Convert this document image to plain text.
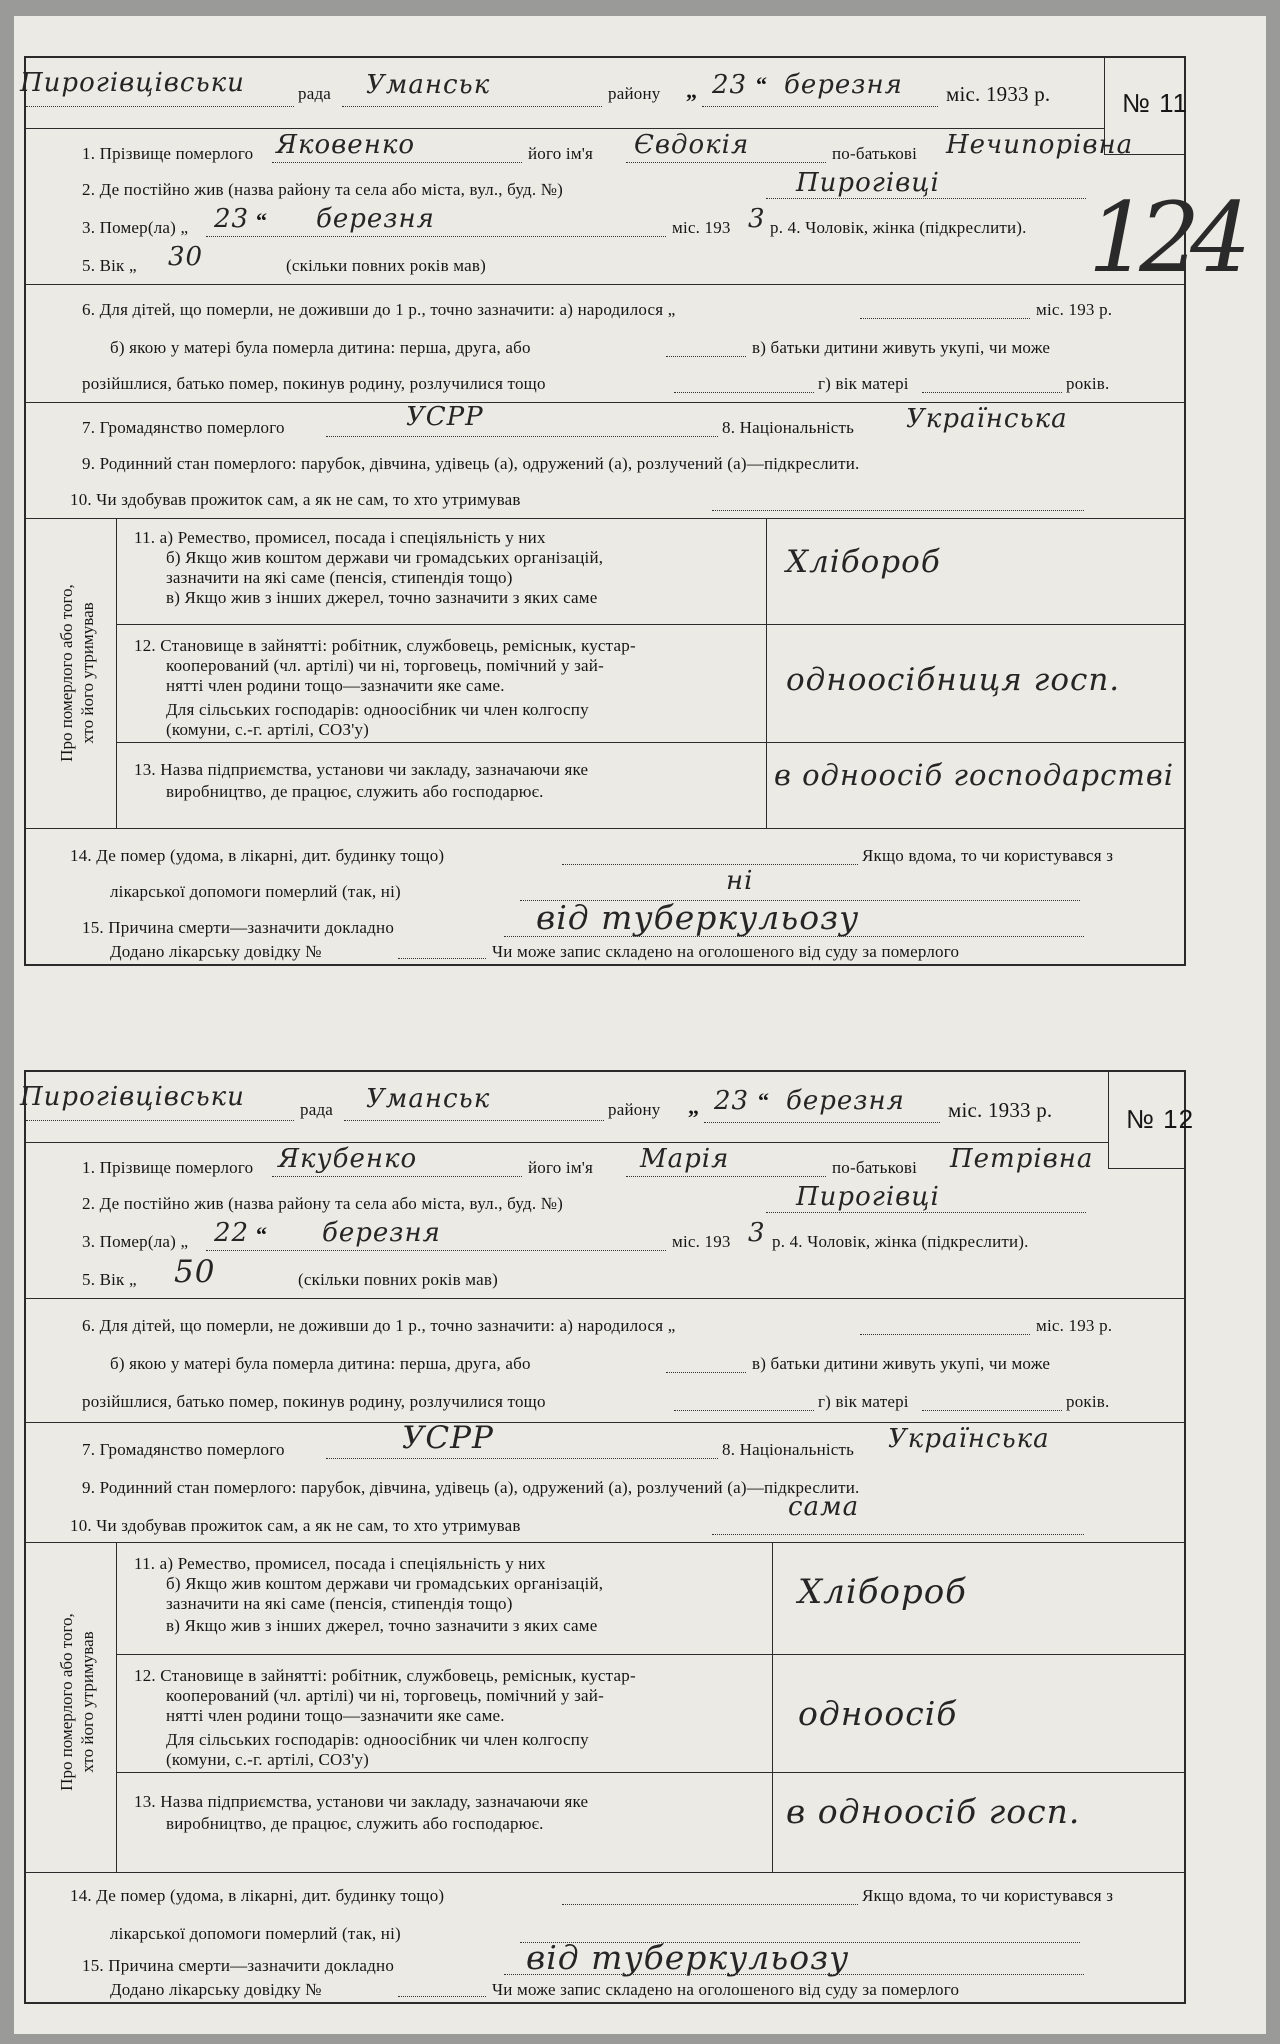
Пирогівцівськи	рада Уманськ	району „ 23 “ березня міс. 1933 р.	№ 11
1. Прізвище померлого Яковенко	його ім'я Євдокія	по-батькові Нечипорівна
2. Де постійно жив (назва району та села або міста, вул., буд. №)	Пирогівці
3. Помер(ла) „ 23 “ березня	міс. 193 3 р. 4. Чоловік, жінка (підкреслити).
5. Вік „ 30	(скільки повних років мав)
6. Для дітей, що померли, не доживши до 1 р., точно зазначити: а) народилося „	міс. 193 р.
б) якою у матері була померла дитина: перша, друга, або	в) батьки дитини живуть укупі, чи може
розійшлися, батько помер, покинув родину, розлучилися тощо	г) вік матері	років.
7. Громадянство померлого	УСРР	8. Національність Українська
9. Родинний стан померлого: парубок, дівчина, удівець (а), одружений (а), розлучений (а)—підкреслити.
10. Чи здобував прожиток сам, а як не сам, то хто утримував
Про померлого або того, хто його утримував
11. а) Ремество, промисел, посада і спеціяльність у них
б) Якщо жив коштом держави чи громадських організацій,
зазначити на які саме (пенсія, стипендія тощо)
в) Якщо жив з інших джерел, точно зазначити з яких саме
Хлібороб
12. Становище в зайнятті: робітник, службовець, реміснык, кустар-
кооперований (чл. артілі) чи ні, торговець, помічний у зай-
нятті член родини тощо—зазначити яке саме.
Для сільських господарів: одноосібник чи член колгоспу
(комуни, с.-г. артілі, СОЗ'у)
одноосібниця госп.
13. Назва підприємства, установи чи закладу, зазначаючи яке
виробництво, де працює, служить або господарює.	в одноосіб господарстві
14. Де помер (удома, в лікарні, дит. будинку тощо)	Якщо вдома, то чи користувався з
лікарської допомоги померлий (так, ні)	ні
15. Причина смерти—зазначити докладно	від туберкульозу
Додано лікарську довідку №	Чи може запис складено на оголошеного від суду за померлого
124
Пирогівцівськи	рада Уманськ	району „ 23 “ березня міс. 1933 р.	№ 12
1. Прізвище померлого Якубенко	його ім'я Марія	по-батькові Петрівна
2. Де постійно жив (назва району та села або міста, вул., буд. №)	Пирогівці
3. Помер(ла) „ 22 “ березня	міс. 193 3 р. 4. Чоловік, жінка (підкреслити).
5. Вік „ 50	(скільки повних років мав)
6. Для дітей, що померли, не доживши до 1 р., точно зазначити: а) народилося „	міс. 193 р.
б) якою у матері була померла дитина: перша, друга, або	в) батьки дитини живуть укупі, чи може
розійшлися, батько помер, покинув родину, розлучилися тощо	г) вік матері	років.
7. Громадянство померлого	УСРР	8. Національність Українська
9. Родинний стан померлого: парубок, дівчина, удівець (а), одружений (а), розлучений (а)—підкреслити.
10. Чи здобував прожиток сам, а як не сам, то хто утримував
сама
Про померлого або того, хто його утримував
11. а) Ремество, промисел, посада і спеціяльність у них
б) Якщо жив коштом держави чи громадських організацій,
зазначити на які саме (пенсія, стипендія тощо)
в) Якщо жив з інших джерел, точно зазначити з яких саме
Хлібороб
12. Становище в зайнятті: робітник, службовець, реміснык, кустар-
кооперований (чл. артілі) чи ні, торговець, помічний у зай-
нятті член родини тощо—зазначити яке саме.
Для сільських господарів: одноосібник чи член колгоспу
(комуни, с.-г. артілі, СОЗ'у)
одноосіб
13. Назва підприємства, установи чи закладу, зазначаючи яке
виробництво, де працює, служить або господарює.	в одноосіб госп.
14. Де помер (удома, в лікарні, дит. будинку тощо)	Якщо вдома, то чи користувався з
лікарської допомоги померлий (так, ні)
15. Причина смерти—зазначити докладно	від туберкульозу
Додано лікарську довідку №	Чи може запис складено на оголошеного від суду за померлого
